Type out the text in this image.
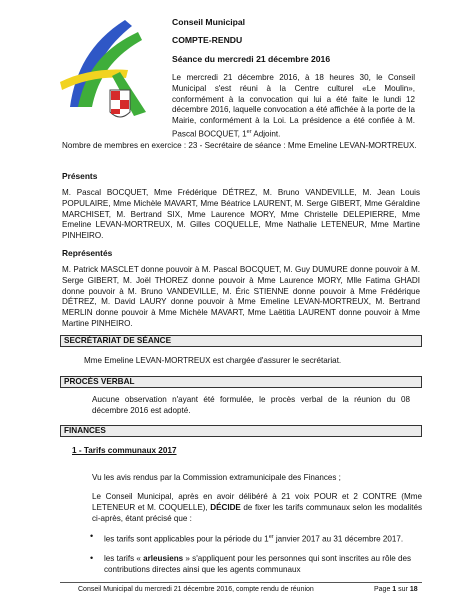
Conseil Municipal
COMPTE-RENDU
Séance du mercredi 21 décembre 2016

Le mercredi 21 décembre 2016, à 18 heures 30, le Conseil Municipal s'est réuni à la Centre culturel «Le Moulin», conformément à la convocation qui lui a été faite le lundi 12 décembre 2016, laquelle convocation a été affichée à la porte de la Mairie, conformément à la Loi. La présidence a été confiée à M. Pascal BOCQUET, 1er Adjoint.

Nombre de membres en exercice : 23 - Secrétaire de séance : Mme Emeline LEVAN-MORTREUX.

Présents

M. Pascal BOCQUET, Mme Frédérique DÉTREZ, M. Bruno VANDEVILLE, M. Jean Louis POPULAIRE, Mme Michèle MAVART, Mme Béatrice LAURENT, M. Serge GIBERT, Mme Géraldine MARCHISET, M. Bertrand SIX, Mme Laurence MORY, Mme Christelle DELEPIERRE, Mme Emeline LEVAN-MORTREUX, M. Gilles COQUELLE, Mme Nathalie LETENEUR, Mme Martine PINHEIRO.

Représentés

M. Patrick MASCLET donne pouvoir à M. Pascal BOCQUET, M. Guy DUMURE donne pouvoir à M. Serge GIBERT, M. Joël THOREZ donne pouvoir à Mme Laurence MORY, Mlle Fatima GHADI donne pouvoir à M. Bruno VANDEVILLE, M. Éric STIENNE donne pouvoir à Mme Frédérique DÉTREZ, M. David LAURY donne pouvoir à Mme Emeline LEVAN-MORTREUX, M. Bertrand MERLIN donne pouvoir à Mme Michèle MAVART, Mme Laëtitia LAURENT donne pouvoir à Mme Martine PINHEIRO.

SECRÉTARIAT DE SÉANCE

Mme Emeline LEVAN-MORTREUX est chargée d'assurer le secrétariat.

PROCÈS VERBAL

Aucune observation n'ayant été formulée, le procès verbal de la réunion du 08 décembre 2016 est adopté.

FINANCES
1 - Tarifs communaux 2017

Vu les avis rendus par la Commission extramunicipale des Finances ;

Le Conseil Municipal, après en avoir délibéré à 21 voix POUR et 2 CONTRE (Mme LETENEUR et M. COQUELLE), DÉCIDE de fixer les tarifs communaux selon les modalités ci-après, étant précisé que :

• les tarifs sont applicables pour la période du 1er janvier 2017 au 31 décembre 2017.

• les tarifs « arleusiens » s'appliquent pour les personnes qui sont inscrites au rôle des contributions directes ainsi que les agents communaux

Conseil Municipal du mercredi 21 décembre 2016, compte rendu de réunion	Page 1 sur 18
